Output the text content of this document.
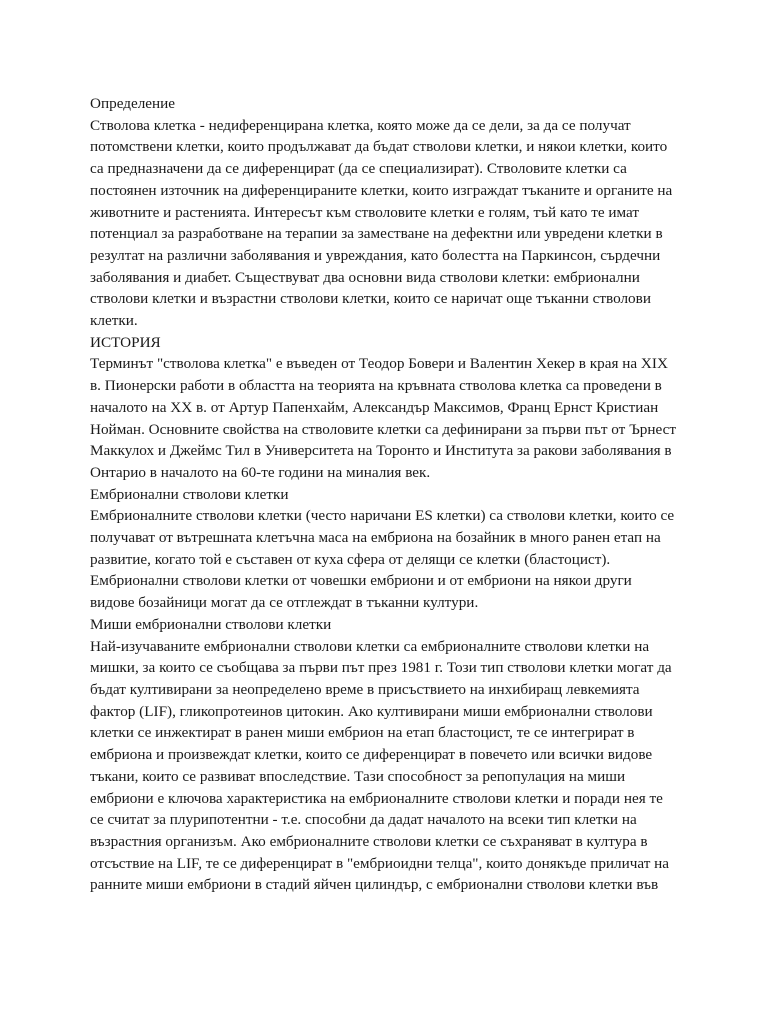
Определение

Стволова клетка - недиференцирана клетка, която може да се дели, за да се получат потомствени клетки, които продължават да бъдат стволови клетки, и някои клетки, които са предназначени да се диференцират (да се специализират). Стволовите клетки са постоянен източник на диференцираните клетки, които изграждат тъканите и органите на животните и растенията. Интересът към стволовите клетки е голям, тъй като те имат потенциал за разработване на терапии за заместване на дефектни или увредени клетки в резултат на различни заболявания и увреждания, като болестта на Паркинсон, сърдечни заболявания и диабет. Съществуват два основни вида стволови клетки: ембрионални стволови клетки и възрастни стволови клетки, които се наричат още тъканни стволови клетки.

ИСТОРИЯ

Терминът "стволова клетка" е въведен от Теодор Бовери и Валентин Хекер в края на XIX в. Пионерски работи в областта на теорията на кръвната стволова клетка са проведени в началото на XX в. от Артур Папенхайм, Александър Максимов, Франц Ернст Кристиан Нойман. Основните свойства на стволовите клетки са дефинирани за първи път от Ърнест Маккулох и Джеймс Тил в Университета на Торонто и Института за ракови заболявания в Онтарио в началото на 60-те години на миналия век.

Ембрионални стволови клетки

Ембрионалните стволови клетки (често наричани ES клетки) са стволови клетки, които се получават от вътрешната клетъчна маса на ембриона на бозайник в много ранен етап на развитие, когато той е съставен от куха сфера от делящи се клетки (бластоцист). Ембрионални стволови клетки от човешки ембриони и от ембриони на някои други видове бозайници могат да се отглеждат в тъканни култури.

Миши ембрионални стволови клетки

Най-изучаваните ембрионални стволови клетки са ембрионалните стволови клетки на мишки, за които се съобщава за първи път през 1981 г. Този тип стволови клетки могат да бъдат култивирани за неопределено време в присъствието на инхибиращ левкемията фактор (LIF), гликопротеинов цитокин. Ако култивирани миши ембрионални стволови клетки се инжектират в ранен миши ембрион на етап бластоцист, те се интегрират в ембриона и произвеждат клетки, които се диференцират в повечето или всички видове тъкани, които се развиват впоследствие. Тази способност за репопулация на миши ембриони е ключова характеристика на ембрионалните стволови клетки и поради нея те се считат за плурипотентни - т.е. способни да дадат началото на всеки тип клетки на възрастния организъм. Ако ембрионалните стволови клетки се съхраняват в култура в отсъствие на LIF, те се диференцират в "ембриоидни телца", които донякъде приличат на ранните миши ембриони в стадий яйчен цилиндър, с ембрионални стволови клетки във
